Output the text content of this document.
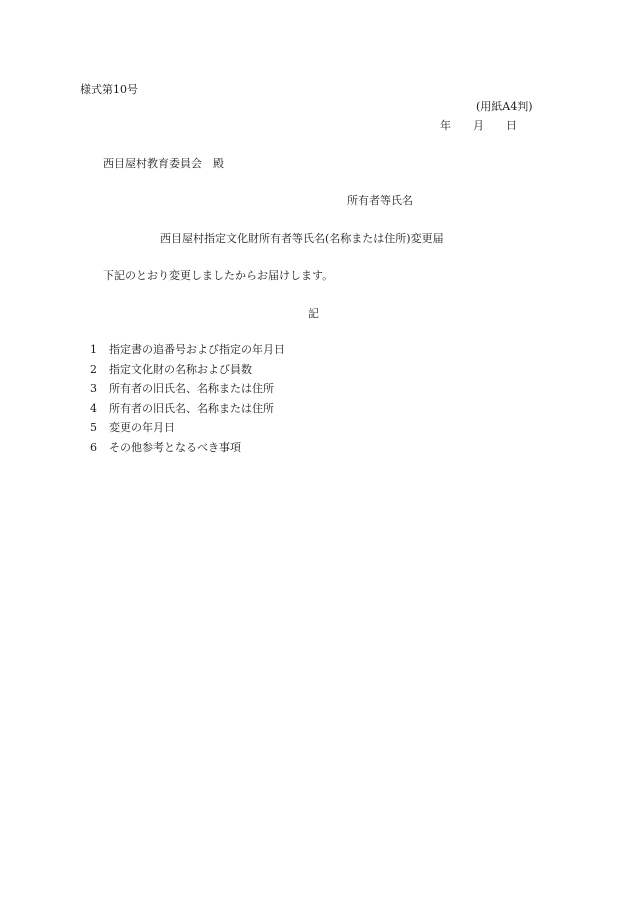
様式第10号
(用紙A4判)
年 月 日
西目屋村教育委員会 殿
所有者等氏名
西目屋村指定文化財所有者等氏名(名称または住所)変更届
下記のとおり変更しましたからお届けします。
記
1	指定書の追番号および指定の年月日
2	指定文化財の名称および員数
3	所有者の旧氏名、名称または住所
4	所有者の旧氏名、名称または住所
5	変更の年月日
6	その他参考となるべき事項
